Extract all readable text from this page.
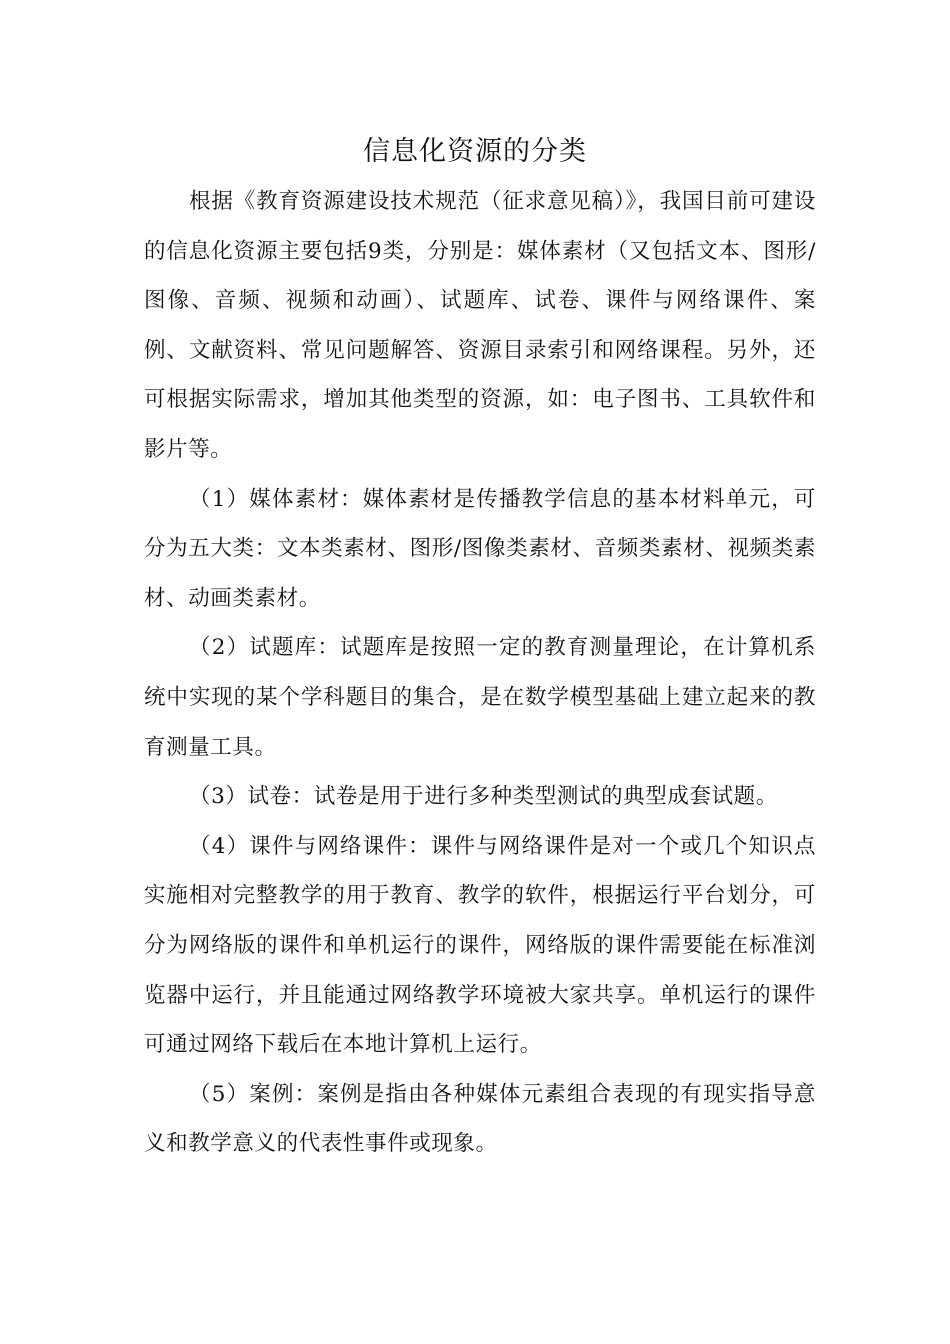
信息化资源的分类

根据《教育资源建设技术规范（征求意见稿）》，我国目前可建设的信息化资源主要包括9类，分别是：媒体素材（又包括文本、图形/图像、音频、视频和动画）、试题库、试卷、课件与网络课件、案例、文献资料、常见问题解答、资源目录索引和网络课程。另外，还可根据实际需求，增加其他类型的资源，如：电子图书、工具软件和影片等。

（1）媒体素材：媒体素材是传播教学信息的基本材料单元，可分为五大类：文本类素材、图形/图像类素材、音频类素材、视频类素材、动画类素材。

（2）试题库：试题库是按照一定的教育测量理论，在计算机系统中实现的某个学科题目的集合，是在数学模型基础上建立起来的教育测量工具。

（3）试卷：试卷是用于进行多种类型测试的典型成套试题。

（4）课件与网络课件：课件与网络课件是对一个或几个知识点实施相对完整教学的用于教育、教学的软件，根据运行平台划分，可分为网络版的课件和单机运行的课件，网络版的课件需要能在标准浏览器中运行，并且能通过网络教学环境被大家共享。单机运行的课件可通过网络下载后在本地计算机上运行。

（5）案例：案例是指由各种媒体元素组合表现的有现实指导意义和教学意义的代表性事件或现象。
